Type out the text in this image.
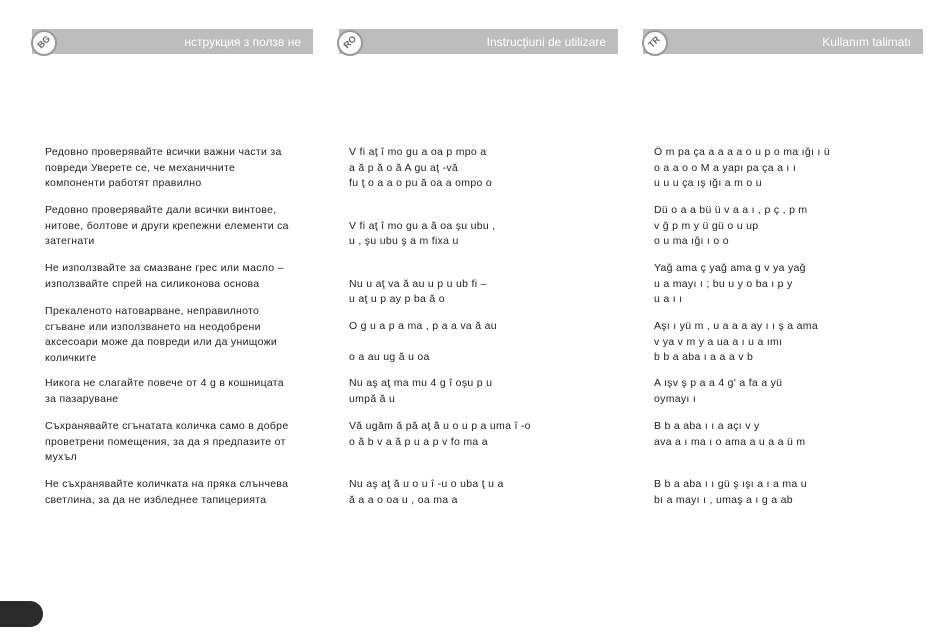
нструкция з ползв не
BG	Instrucţiuni de utilizare
RO	Kullanım talimatı
TR
Редовно проверявайте всички важни части за
повреди Уверете се, че механичните
компоненти работят правилно
Редовно проверявайте дали всички винтове,
нитове, болтове и други крепежни елементи са
затегнати
Не използвайте за смазване грес или масло –
използвайте спрей на силиконова основа
Прекаленото натоварване, неправилното
сгъване или използването на неодобрени
аксесоари може да повреди или да унищожи
количките
Никога не слагайте повече от 4 g в кошницата
за пазаруване
Съхранявайте сгънатата количка само в добре
проветрени помещения, за да я предпазите от
мухъл
Не съхранявайте количката на пряка слънчева
светлина, за да не избледнее тапицерията
V fi aţ î mo gu a oa p mpo a
a ă p ă o ă A gu aţ -vă
fu ţ o a a o pu ă oa a ompo o

V fi aţ î mo gu a ă oa şu ubu ,
u , şu ubu ş a m fixa u

Nu u aţ va ă au u p u ub fi –
u aţ u p ay p ba ă o
O g u a p a ma , p a a va ă au

o a au ug ă u oa
Nu aş aţ ma mu 4 g î oşu p u
umpă ă u
Vă ugăm ă pă aţ ă u o u p a uma î -o
o ă b v a ă p u a p v fo ma a
Nu aş aţ ă u o u î -u o uba ţ u a
ă a a o oa u , oa ma a
Ö m pa ça a a a a o u p o ma ığı ı ü
o a a o o M a yapı pa ça a ı ı
u u u ça ış ığı a m o u
Dü o a a bü ü v a a ı , p ç , p m
v ğ p m y ü gü o u up
o u ma ığı ı o o
Yağ ama ç yağ ama g v ya yağ
u a mayı ı ; bu u y o ba ı p y
u a ı ı
Aşı ı yü m , u a a a ay ı ı ş a ama
v ya v m y a ua a ı u a ımı
b b a aba ı a a a v b
A ışv ş p a a 4 g' a fa a yü
oymayı ı
B b a aba ı ı a açı v y
ava a ı ma ı o ama a u a a ü m
B b a aba ı ı gü ş ışı a ı a ma u
bı a mayı ı , umaş a ı g a ab
